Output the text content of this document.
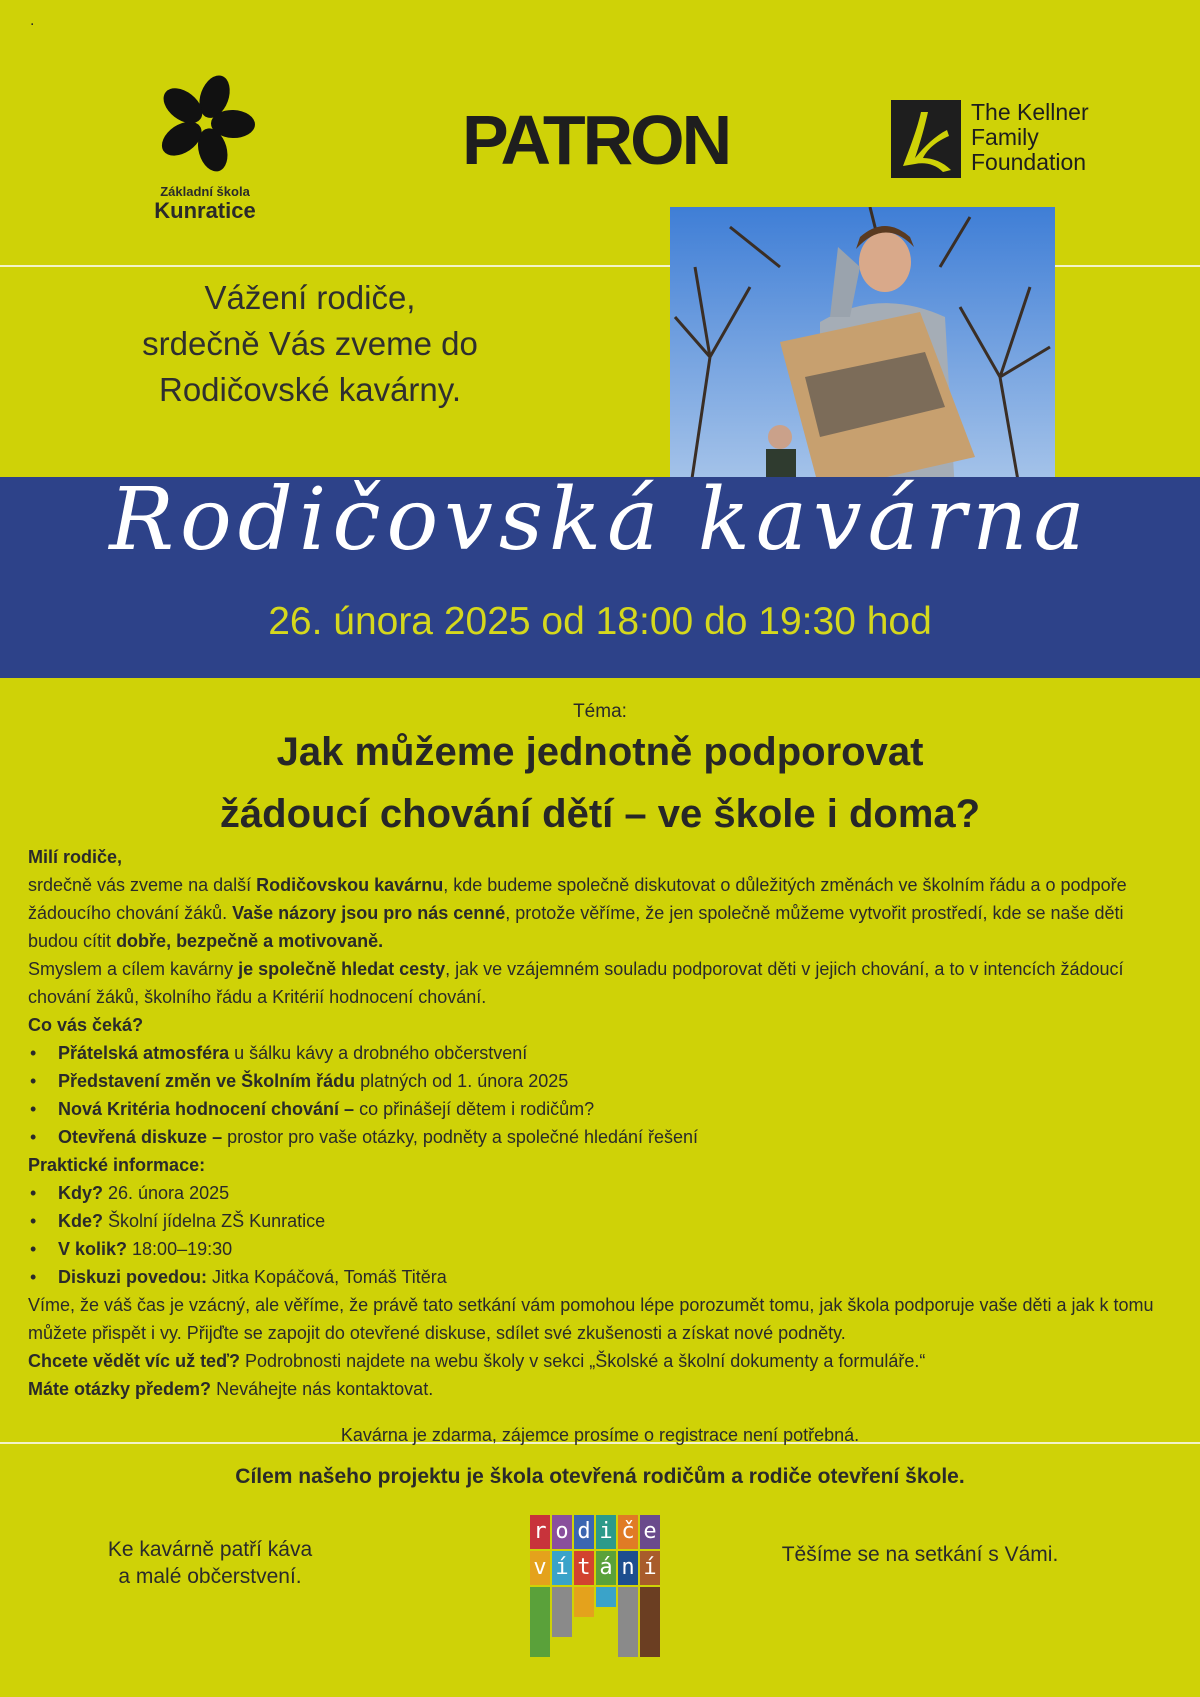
.
Základní škola
Kunratice
PATRON	The Kellner
Family
Foundation
Vážení rodiče,
srdečně Vás zveme do
Rodičovské kavárny.
Rodičovská kavárna
26. února 2025 od 18:00 do 19:30 hod
Téma:
Jak můžeme jednotně podporovat
žádoucí chování dětí – ve škole i doma?

Milí rodiče,

srdečně vás zveme na další Rodičovskou kavárnu, kde budeme společně diskutovat o důležitých změnách ve školním řádu a o podpoře žádoucího chování žáků. Vaše názory jsou pro nás cenné, protože věříme, že jen společně můžeme vytvořit prostředí, kde se naše děti budou cítit dobře, bezpečně a motivovaně.

Smyslem a cílem kavárny je společně hledat cesty, jak ve vzájemném souladu podporovat děti v jejich chování, a to v intencích žádoucí chování žáků, školního řádu a Kritérií hodnocení chování.

Co vás čeká?

• Přátelská atmosféra u šálku kávy a drobného občerstvení
• Představení změn ve Školním řádu platných od 1. února 2025
• Nová Kritéria hodnocení chování – co přinášejí dětem i rodičům?
• Otevřená diskuze – prostor pro vaše otázky, podněty a společné hledání řešení

Praktické informace:

• Kdy? 26. února 2025
• Kde? Školní jídelna ZŠ Kunratice
• V kolik? 18:00–19:30
• Diskuzi povedou: Jitka Kopáčová, Tomáš Titěra

Víme, že váš čas je vzácný, ale věříme, že právě tato setkání vám pomohou lépe porozumět tomu, jak škola podporuje vaše děti a jak k tomu můžete přispět i vy. Přijďte se zapojit do otevřené diskuse, sdílet své zkušenosti a získat nové podněty.

Chcete vědět víc už teď? Podrobnosti najdete na webu školy v sekci „Školské a školní dokumenty a formuláře.“

Máte otázky předem? Neváhejte nás kontaktovat.

Kavárna je zdarma, zájemce prosíme o registrace není potřebná.
Cílem našeho projektu je škola otevřená rodičům a rodiče otevření škole.
Ke kavárně patří káva
a malé občerstvení.
r o d i č e
v í t á n í
Těšíme se na setkání s Vámi.
